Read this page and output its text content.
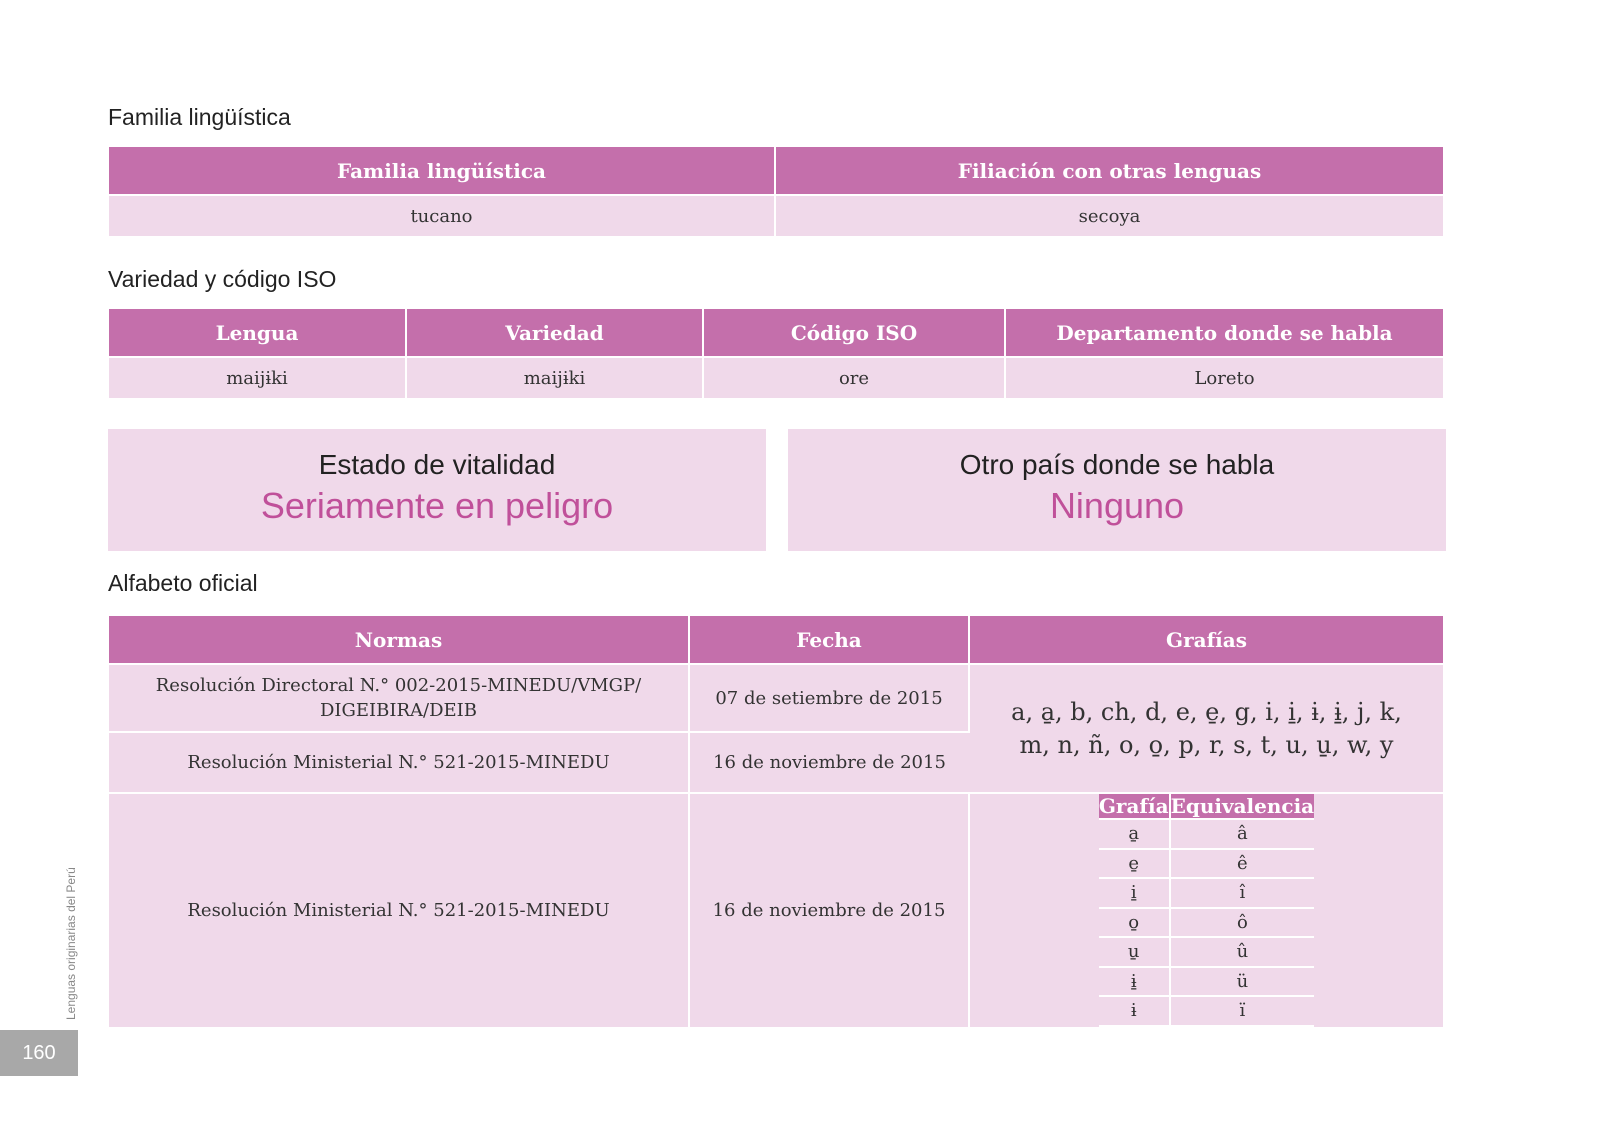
Familia lingüística
Familia lingüística	Filiación con otras lenguas
tucano	secoya
Variedad y código ISO
Lengua	Variedad	Código ISO	Departamento donde se habla
maijɨki	maijɨki	ore	Loreto
Estado de vitalidad
Seriamente en peligro
Otro país donde se habla
Ninguno
Alfabeto oficial
Normas	Fecha	Grafías
Resolución Directoral N.° 002-2015-MINEDU/VMGP/ DIGEIBIRA/DEIB	07 de setiembre de 2015	a, a̱, b, ch, d, e, e̱, g, i, i̱, ɨ, ɨ̱, j, k,
m, n, ñ, o, o̱, p, r, s, t, u, u̱, w, y

Resolución Ministerial N.° 521-2015-MINEDU	16 de noviembre de 2015
Resolución Ministerial N.° 521-2015-MINEDU	16 de noviembre de 2015	
Grafía	Equivalencia
a̱	â
e̱	ê
i̱	î
o̱	ô
u̱	û
ɨ̱	ü
ɨ	ï
Lenguas originarias del Perú
160
